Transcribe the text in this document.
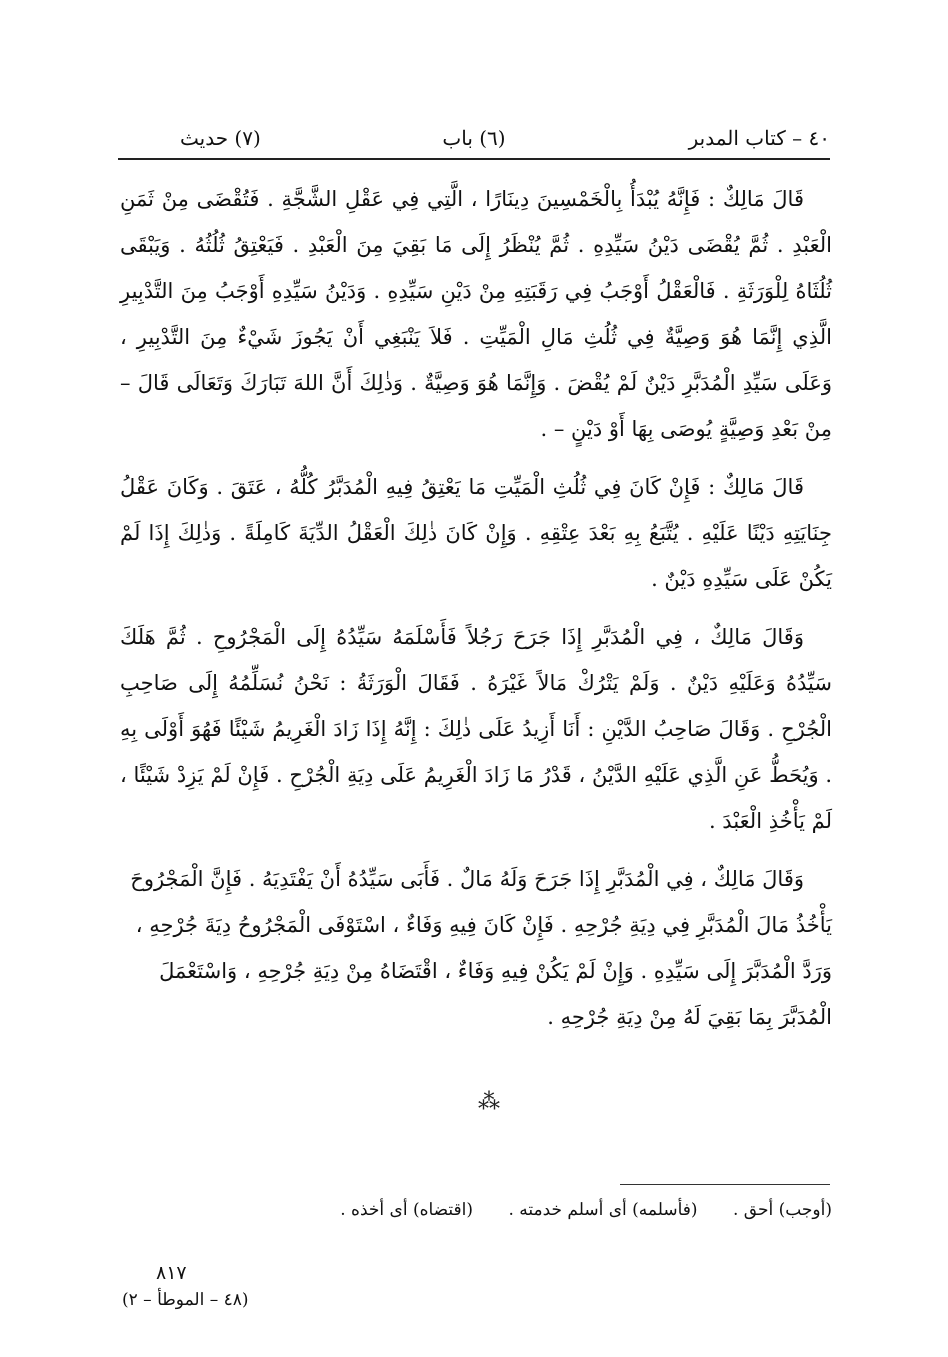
٤٠ – كتاب المدبر
(٦) باب
(٧) حديث

قَالَ مَالِكٌ : فَإِنَّهُ يُبْدَأُ بِالْخَمْسِينَ دِينَارًا ، الَّتِي فِي عَقْلِ الشَّجَّةِ . فَتُقْضَى مِنْ ثَمَنِ الْعَبْدِ . ثُمَّ يُقْضَى دَيْنُ سَيِّدِهِ . ثُمَّ يُنْظَرُ إِلَى مَا بَقِيَ مِنَ الْعَبْدِ . فَيَعْتِقُ ثُلُثُهُ . وَيَبْقَى ثُلُثَاهُ لِلْوَرَثَةِ . فَالْعَقْلُ أَوْجَبُ فِي رَقَبَتِهِ مِنْ دَيْنِ سَيِّدِهِ . وَدَيْنُ سَيِّدِهِ أَوْجَبُ مِنَ التَّدْبِيرِ الَّذِي إِنَّمَا هُوَ وَصِيَّةٌ فِي ثُلُثِ مَالِ الْمَيِّتِ . فَلاَ يَنْبَغِي أَنْ يَجُوزَ شَيْءٌ مِنَ التَّدْبِيرِ ، وَعَلَى سَيِّدِ الْمُدَبَّرِ دَيْنٌ لَمْ يُقْضَ . وَإِنَّمَا هُوَ وَصِيَّةٌ . وَذٰلِكَ أَنَّ اللهَ تَبَارَكَ وَتَعَالَى قَالَ – مِنْ بَعْدِ وَصِيَّةٍ يُوصَى بِهَا أَوْ دَيْنٍ – .

قَالَ مَالِكٌ : فَإِنْ كَانَ فِي ثُلُثِ الْمَيِّتِ مَا يَعْتِقُ فِيهِ الْمُدَبَّرُ كُلُّهُ ، عَتَقَ . وَكَانَ عَقْلُ جِنَايَتِهِ دَيْنًا عَلَيْهِ . يُتَّبَعُ بِهِ بَعْدَ عِتْقِهِ . وَإِنْ كَانَ ذٰلِكَ الْعَقْلُ الدِّيَةَ كَامِلَةً . وَذٰلِكَ إِذَا لَمْ يَكُنْ عَلَى سَيِّدِهِ دَيْنٌ .

وَقَالَ مَالِكٌ ، فِي الْمُدَبَّرِ إِذَا جَرَحَ رَجُلاً فَأَسْلَمَهُ سَيِّدُهُ إِلَى الْمَجْرُوحِ . ثُمَّ هَلَكَ سَيِّدُهُ وَعَلَيْهِ دَيْنٌ . وَلَمْ يَتْرُكْ مَالاً غَيْرَهُ . فَقَالَ الْوَرَثَةُ : نَحْنُ نُسَلِّمُهُ إِلَى صَاحِبِ الْجُرْحِ . وَقَالَ صَاحِبُ الدَّيْنِ : أَنَا أَزِيدُ عَلَى ذٰلِكَ : إِنَّهُ إِذَا زَادَ الْغَرِيمُ شَيْئًا فَهُوَ أَوْلَى بِهِ . وَيُحَطُّ عَنِ الَّذِي عَلَيْهِ الدَّيْنُ ، قَدْرُ مَا زَادَ الْغَرِيمُ عَلَى دِيَةِ الْجُرْحِ . فَإِنْ لَمْ يَزِدْ شَيْئًا ، لَمْ يَأْخُذِ الْعَبْدَ .

وَقَالَ مَالِكٌ ، فِي الْمُدَبَّرِ إِذَا جَرَحَ وَلَهُ مَالٌ . فَأَبَى سَيِّدُهُ أَنْ يَفْتَدِيَهُ . فَإِنَّ الْمَجْرُوحَ يَأْخُذُ مَالَ الْمُدَبَّرِ فِي دِيَةِ جُرْحِهِ . فَإِنْ كَانَ فِيهِ وَفَاءٌ ، اسْتَوْفَى الْمَجْرُوحُ دِيَةَ جُرْحِهِ ، وَرَدَّ الْمُدَبَّرَ إِلَى سَيِّدِهِ . وَإِنْ لَمْ يَكُنْ فِيهِ وَفَاءٌ ، اقْتَضَاهُ مِنْ دِيَةِ جُرْحِهِ ، وَاسْتَعْمَلَ الْمُدَبَّرَ بِمَا بَقِيَ لَهُ مِنْ دِيَةِ جُرْحِهِ .

⁂
(أوجب) أحق . (فأسلمه) أى أسلم خدمته . (اقتضاه) أى أخذه .
٨١٧
(٤٨ – الموطأ – ٢)
